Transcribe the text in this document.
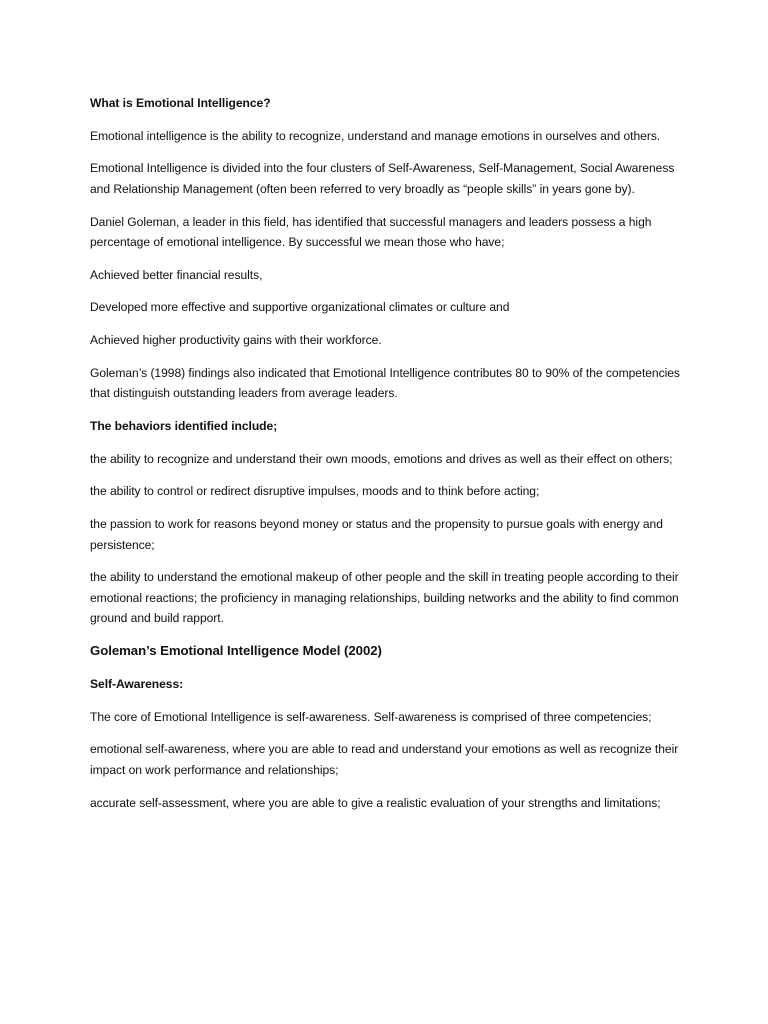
What is Emotional Intelligence?

Emotional intelligence is the ability to recognize, understand and manage emotions in ourselves and others.

Emotional Intelligence is divided into the four clusters of Self-Awareness, Self-Management, Social Awareness and Relationship Management (often been referred to very broadly as “people skills” in years gone by).

Daniel Goleman, a leader in this field, has identified that successful managers and leaders possess a high percentage of emotional intelligence. By successful we mean those who have;

Achieved better financial results,

Developed more effective and supportive organizational climates or culture and

Achieved higher productivity gains with their workforce.

Goleman’s (1998) findings also indicated that Emotional Intelligence contributes 80 to 90% of the competencies that distinguish outstanding leaders from average leaders.

The behaviors identified include;

the ability to recognize and understand their own moods, emotions and drives as well as their effect on others;

the ability to control or redirect disruptive impulses, moods and to think before acting;

the passion to work for reasons beyond money or status and the propensity to pursue goals with energy and persistence;

the ability to understand the emotional makeup of other people and the skill in treating people according to their emotional reactions; the proficiency in managing relationships, building networks and the ability to find common ground and build rapport.

Goleman’s Emotional Intelligence Model (2002)

Self-Awareness:

The core of Emotional Intelligence is self-awareness. Self-awareness is comprised of three competencies;

emotional self-awareness, where you are able to read and understand your emotions as well as recognize their impact on work performance and relationships;

accurate self-assessment, where you are able to give a realistic evaluation of your strengths and limitations;
